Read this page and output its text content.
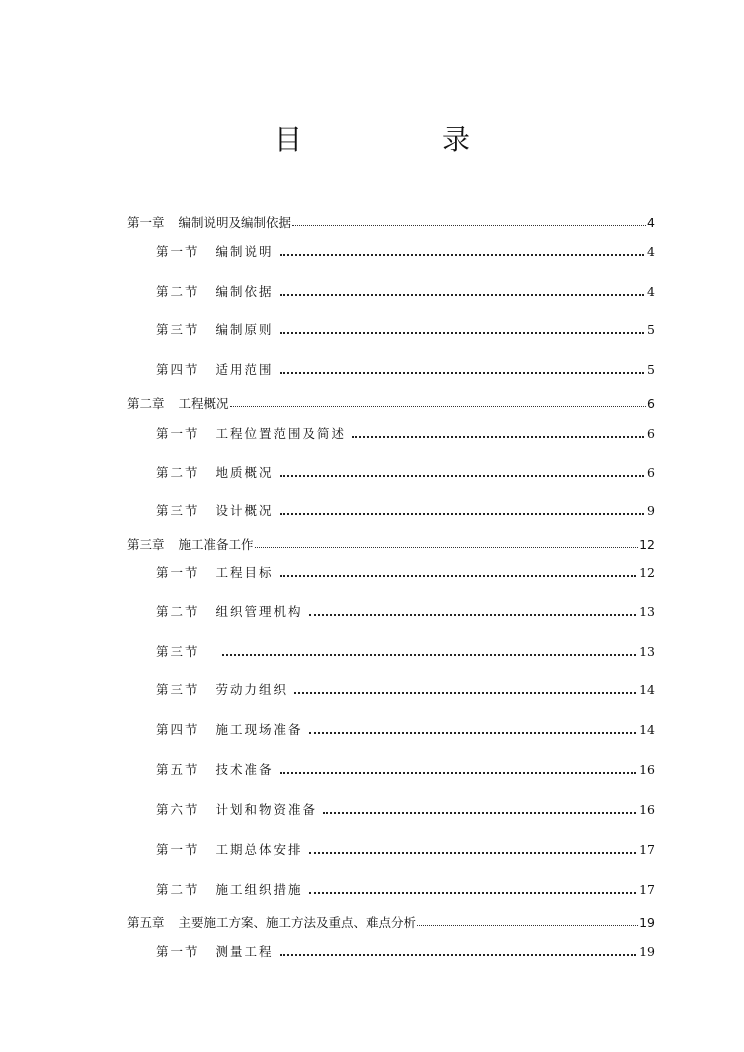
目　录
第一章 编制说明及编制依据	4
第一节 编制说明	4
第二节 编制依据	4
第三节 编制原则	5
第四节 适用范围	5
第二章 工程概况	6
第一节 工程位置范围及简述	6
第二节 地质概况	6
第三节 设计概况	9
第三章 施工准备工作	12
第一节 工程目标	12
第二节 组织管理机构	13
第三节	13
第三节 劳动力组织	14
第四节 施工现场准备	14
第五节 技术准备	16
第六节 计划和物资准备	16
第一节 工期总体安排	17
第二节 施工组织措施	17
第五章 主要施工方案、施工方法及重点、难点分析	19
第一节 测量工程	19
